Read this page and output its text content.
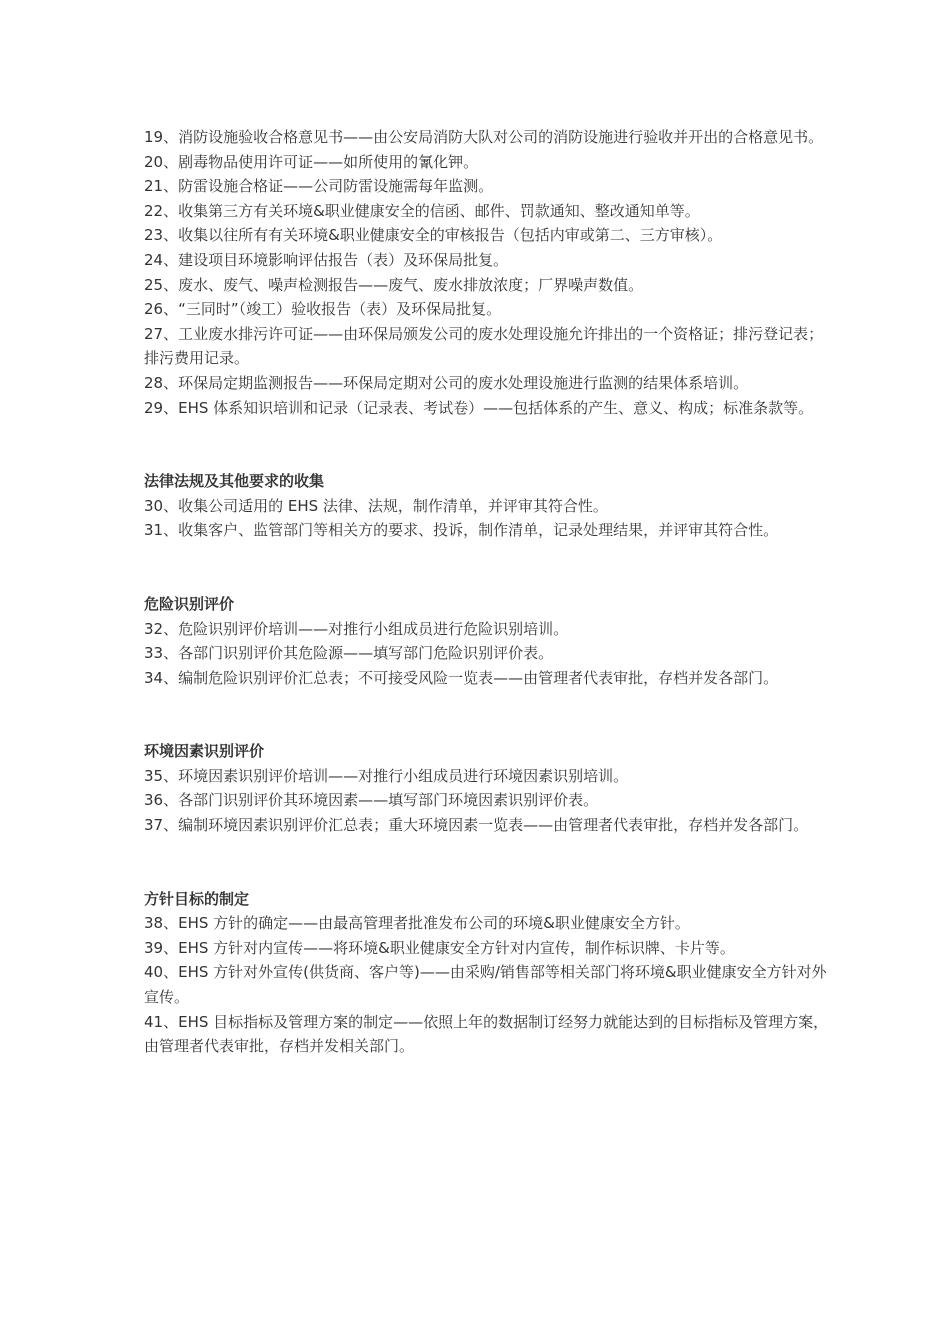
19、消防设施验收合格意见书——由公安局消防大队对公司的消防设施进行验收并开出的合格意见书。

20、剧毒物品使用许可证——如所使用的氰化钾。

21、防雷设施合格证——公司防雷设施需每年监测。

22、收集第三方有关环境&职业健康安全的信函、邮件、罚款通知、整改通知单等。

23、收集以往所有有关环境&职业健康安全的审核报告（包括内审或第二、三方审核）。

24、建设项目环境影响评估报告（表）及环保局批复。

25、废水、废气、噪声检测报告——废气、废水排放浓度；厂界噪声数值。

26、“三同时”（竣工）验收报告（表）及环保局批复。

27、工业废水排污许可证——由环保局颁发公司的废水处理设施允许排出的一个资格证；排污登记表；排污费用记录。

28、环保局定期监测报告——环保局定期对公司的废水处理设施进行监测的结果体系培训。

29、EHS 体系知识培训和记录（记录表、考试卷）——包括体系的产生、意义、构成；标准条款等。

法律法规及其他要求的收集

30、收集公司适用的 EHS 法律、法规，制作清单，并评审其符合性。

31、收集客户、监管部门等相关方的要求、投诉，制作清单，记录处理结果，并评审其符合性。

危险识别评价

32、危险识别评价培训——对推行小组成员进行危险识别培训。

33、各部门识别评价其危险源——填写部门危险识别评价表。

34、编制危险识别评价汇总表；不可接受风险一览表——由管理者代表审批，存档并发各部门。

环境因素识别评价

35、环境因素识别评价培训——对推行小组成员进行环境因素识别培训。

36、各部门识别评价其环境因素——填写部门环境因素识别评价表。

37、编制环境因素识别评价汇总表；重大环境因素一览表——由管理者代表审批，存档并发各部门。

方针目标的制定

38、EHS 方针的确定——由最高管理者批准发布公司的环境&职业健康安全方针。

39、EHS 方针对内宣传——将环境&职业健康安全方针对内宣传，制作标识牌、卡片等。

40、EHS 方针对外宣传(供货商、客户等)——由采购/销售部等相关部门将环境&职业健康安全方针对外宣传。

41、EHS 目标指标及管理方案的制定——依照上年的数据制订经努力就能达到的目标指标及管理方案，由管理者代表审批，存档并发相关部门。
